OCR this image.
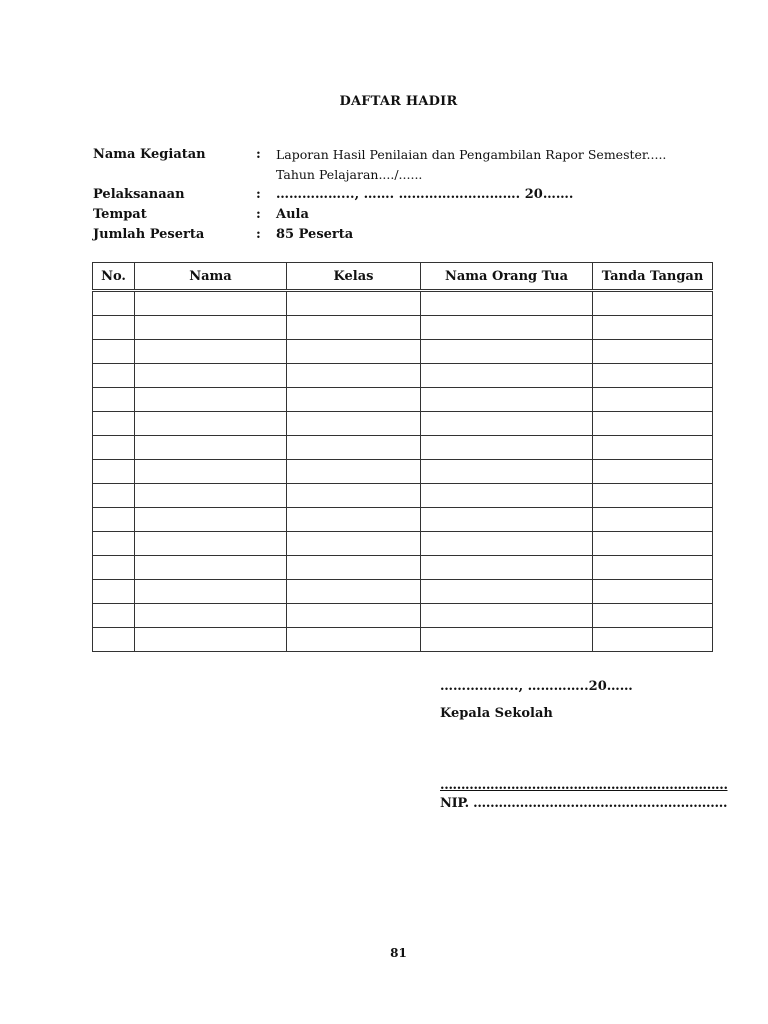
DAFTAR HADIR
Nama Kegiatan	:	Laporan Hasil Penilaian dan Pengambilan Rapor Semester.....
Tahun Pelajaran..../......
Pelaksanaan	:	……………..., ……. ………………………. 20…….
Tempat	:	Aula
Jumlah Peserta	:	85 Peserta
No.	Nama	Kelas	Nama Orang Tua	Tanda Tangan

……………..., …………..20……
Kepala Sekolah
……………………………………………………………
NIP. ……………………………………………………
81
